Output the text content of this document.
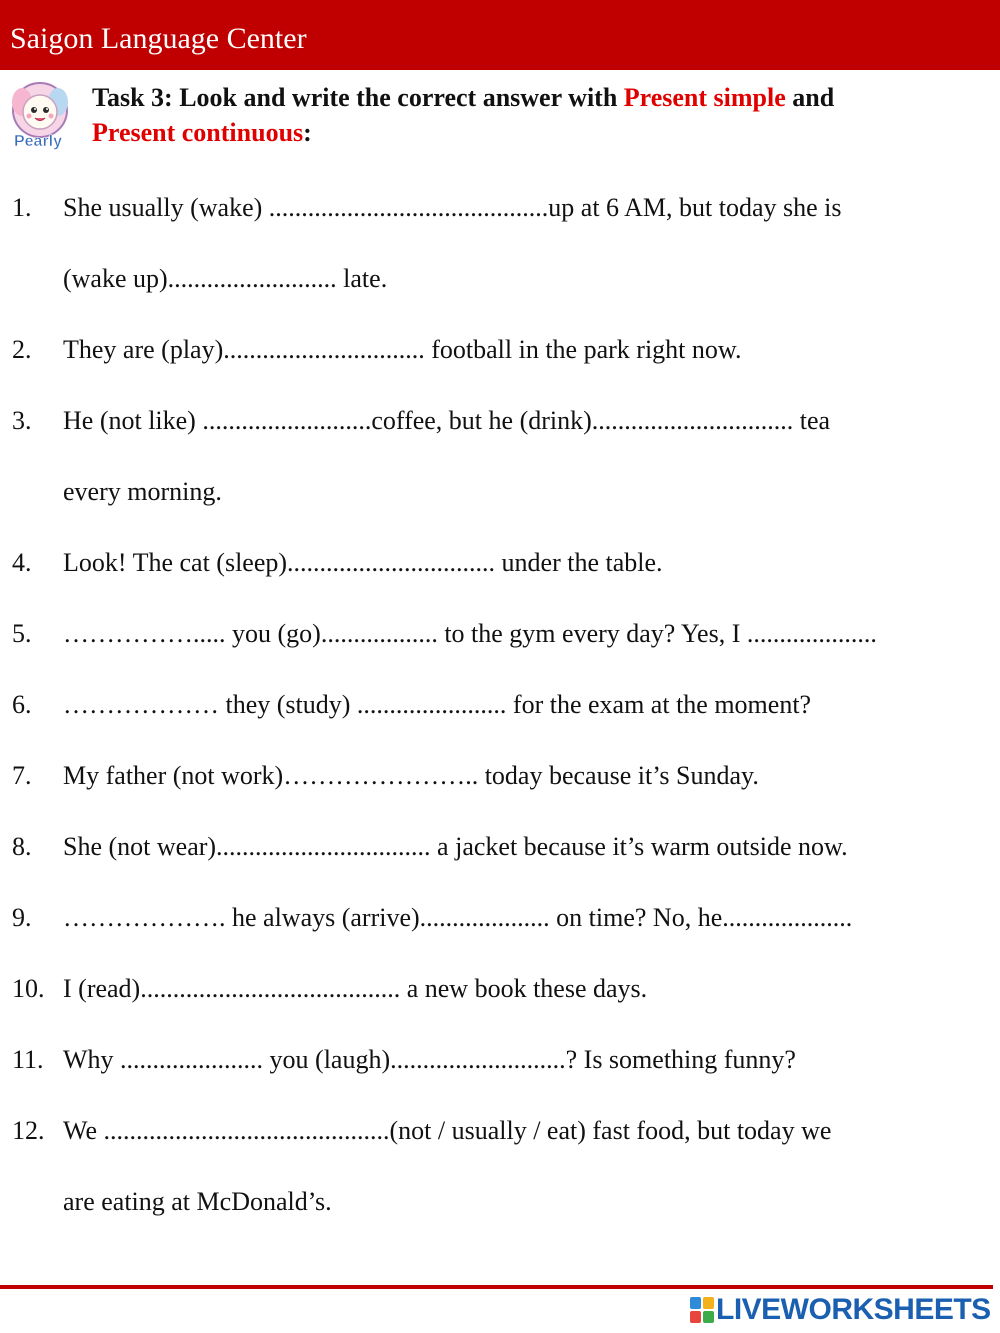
Saigon Language Center
Pearly
Task 3: Look and write the correct answer with Present simple and
Present continuous:
1. She usually (wake) ...........................................up at 6 AM, but today she is
(wake up).......................... late.
2. They are (play)............................... football in the park right now.
3. He (not like) ..........................coffee, but he (drink)............................... tea
every morning.
4. Look! The cat (sleep)................................ under the table.
5. ……………..... you (go).................. to the gym every day? Yes, I ....................
6. ……………… they (study) ....................... for the exam at the moment?
7. My father (not work)………………….. today because it’s Sunday.
8. She (not wear)................................. a jacket because it’s warm outside now.
9. ………………. he always (arrive).................... on time? No, he....................
10. I (read)........................................ a new book these days.
11. Why ...................... you (laugh)...........................? Is something funny?
12. We ............................................(not / usually / eat) fast food, but today we
are eating at McDonald’s.
LIVEWORKSHEETS
